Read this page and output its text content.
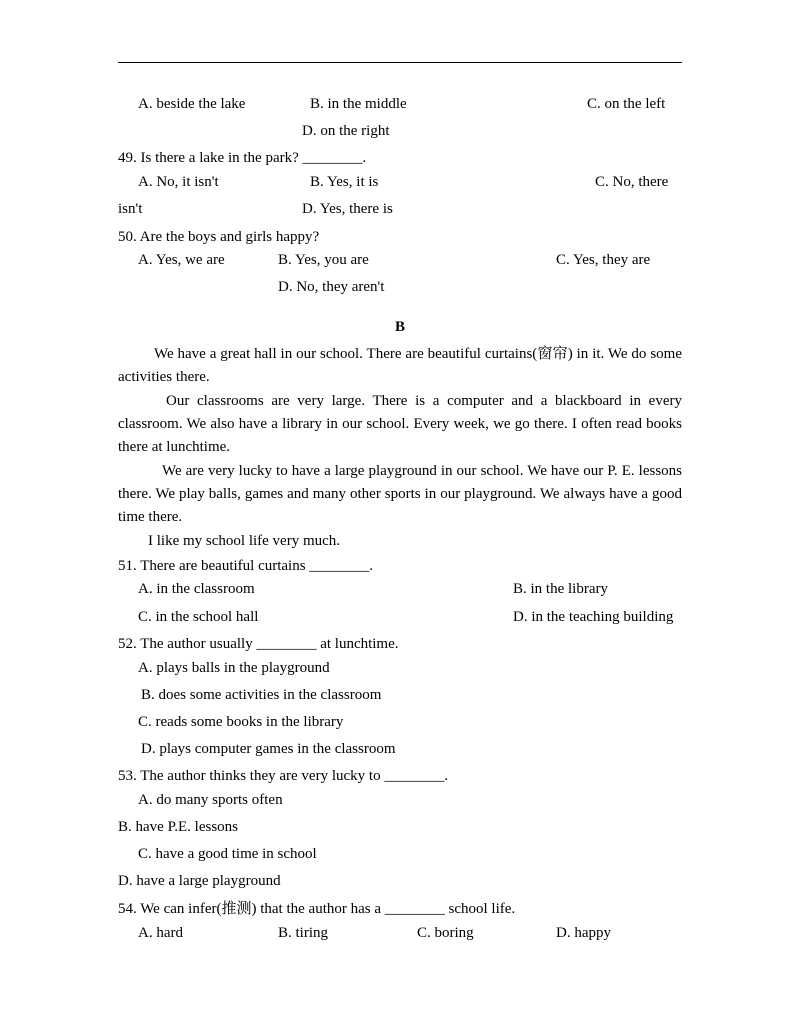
A. beside the lake	B. in the middle	C. on the left
D. on the right
49. Is there a lake in the park? ________.
A. No, it isn't	B. Yes, it is	C. No, there
isn't	D. Yes, there is
50. Are the boys and girls happy?
A. Yes, we are	B. Yes, you are	C. Yes, they are
D. No, they aren't
B
We have a great hall in our school. There are beautiful curtains(窗帘) in it. We do some activities there.
Our classrooms are very large. There is a computer and a blackboard in every classroom. We also have a library in our school. Every week, we go there. I often read books there at lunchtime.
We are very lucky to have a large playground in our school. We have our P. E. lessons there. We play balls, games and many other sports in our playground. We always have a good time there.
I like my school life very much.
51. There are beautiful curtains ________.
A. in the classroom	B. in the library
C. in the school hall	D. in the teaching building
52. The author usually ________ at lunchtime.
A. plays balls in the playground
B. does some activities in the classroom
C. reads some books in the library
D. plays computer games in the classroom
53. The author thinks they are very lucky to ________.
A. do many sports often
B. have P.E. lessons
C. have a good time in school
D. have a large playground
54. We can infer(推测) that the author has a ________ school life.
A. hard	B. tiring	C. boring	D. happy
